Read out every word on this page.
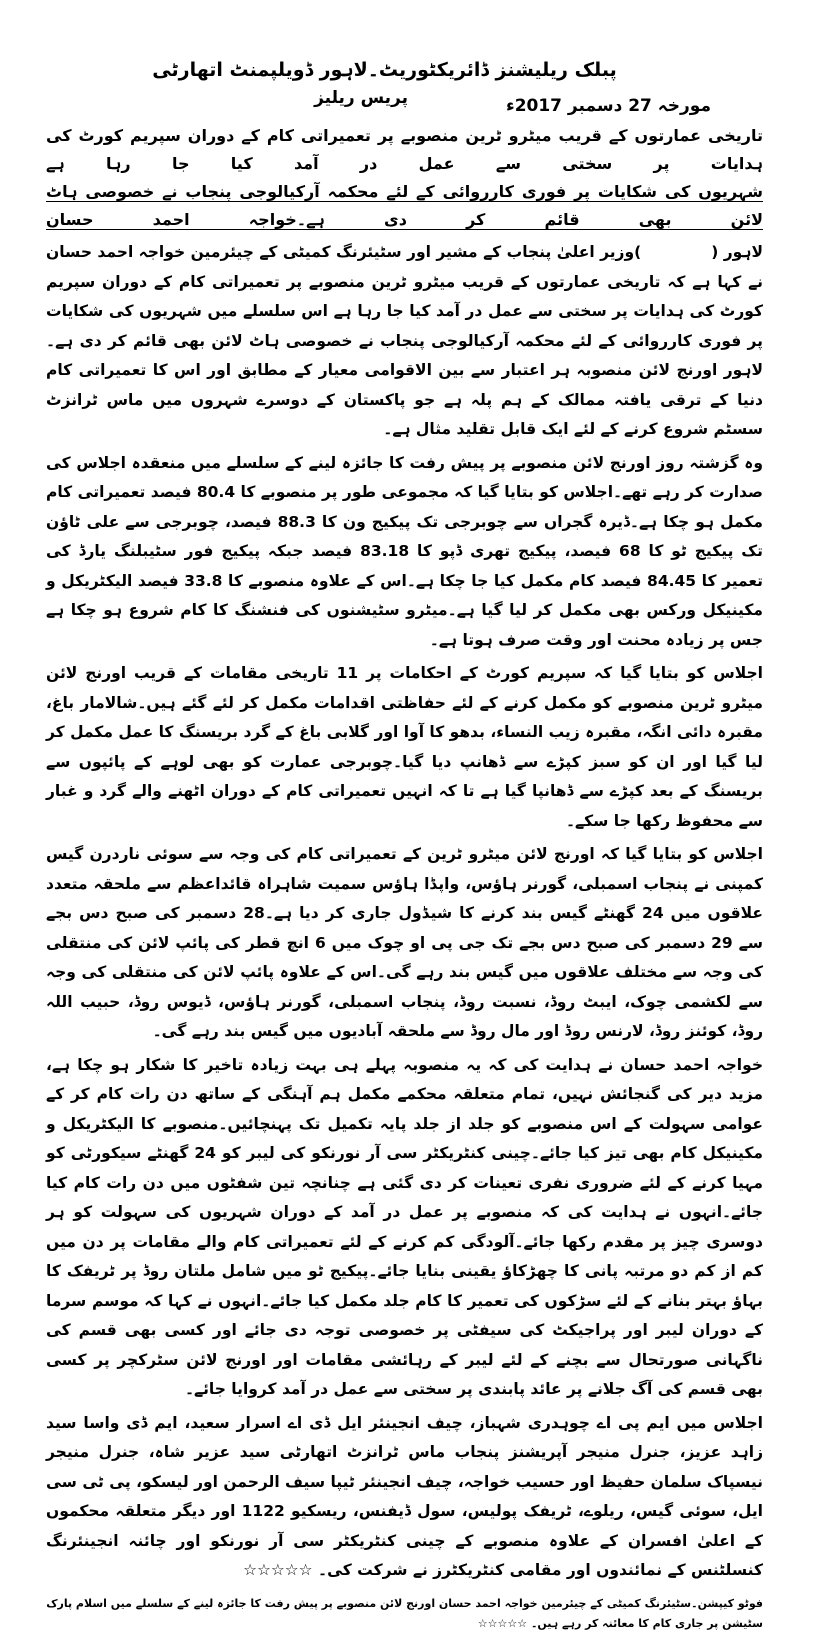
پبلک ریلیشنز ڈائریکٹوریٹ۔لاہور ڈویلپمنٹ اتھارٹی
مورخہ 27 دسمبر 2017ء
پریس ریلیز

تاریخی عمارتوں کے قریب میٹرو ٹرین منصوبے پر تعمیراتی کام کے دوران سپریم کورٹ کی ہدایات پر سختی سے عمل در آمد کیا جا رہا ہے

شہریوں کی شکایات پر فوری کارروائی کے لئے محکمہ آرکیالوجی پنجاب نے خصوصی ہاٹ لائن بھی قائم کر دی ہے۔خواجہ احمد حسان

لاہور ()وزیر اعلیٰ پنجاب کے مشیر اور سٹیئرنگ کمیٹی کے چیئرمین خواجہ احمد حسان نے کہا ہے کہ تاریخی عمارتوں کے قریب میٹرو ٹرین منصوبے پر تعمیراتی کام کے دوران سپریم کورٹ کی ہدایات پر سختی سے عمل در آمد کیا جا رہا ہے اس سلسلے میں شہریوں کی شکایات پر فوری کارروائی کے لئے محکمہ آرکیالوجی پنجاب نے خصوصی ہاٹ لائن بھی قائم کر دی ہے۔لاہور اورنج لائن منصوبہ ہر اعتبار سے بین الاقوامی معیار کے مطابق اور اس کا تعمیراتی کام دنیا کے ترقی یافتہ ممالک کے ہم پلہ ہے جو پاکستان کے دوسرے شہروں میں ماس ٹرانزٹ سسٹم شروع کرنے کے لئے ایک قابل تقلید مثال ہے۔

وہ گزشتہ روز اورنج لائن منصوبے پر پیش رفت کا جائزہ لینے کے سلسلے میں منعقدہ اجلاس کی صدارت کر رہے تھے۔اجلاس کو بتایا گیا کہ مجموعی طور پر منصوبے کا 80.4 فیصد تعمیراتی کام مکمل ہو چکا ہے۔ڈیرہ گجراں سے چوبرجی تک پیکیج ون کا 88.3 فیصد، چوبرجی سے علی ٹاؤن تک پیکیج ٹو کا 68 فیصد، پیکیج تھری ڈپو کا 83.18 فیصد جبکہ پیکیج فور سٹیبلنگ یارڈ کی تعمیر کا 84.45 فیصد کام مکمل کیا جا چکا ہے۔اس کے علاوہ منصوبے کا 33.8 فیصد الیکٹریکل و مکینیکل ورکس بھی مکمل کر لیا گیا ہے۔میٹرو سٹیشنوں کی فنشنگ کا کام شروع ہو چکا ہے جس پر زیادہ محنت اور وقت صرف ہوتا ہے۔

اجلاس کو بتایا گیا کہ سپریم کورٹ کے احکامات پر 11 تاریخی مقامات کے قریب اورنج لائن میٹرو ٹرین منصوبے کو مکمل کرنے کے لئے حفاظتی اقدامات مکمل کر لئے گئے ہیں۔شالامار باغ، مقبرہ دائی انگہ، مقبرہ زیب النساء، بدھو کا آوا اور گلابی باغ کے گرد بریسنگ کا عمل مکمل کر لیا گیا اور ان کو سبز کپڑے سے ڈھانپ دیا گیا۔چوبرجی عمارت کو بھی لوہے کے پائپوں سے بریسنگ کے بعد کپڑے سے ڈھانپا گیا ہے تا کہ انہیں تعمیراتی کام کے دوران اٹھنے والے گرد و غبار سے محفوظ رکھا جا سکے۔

اجلاس کو بتایا گیا کہ اورنج لائن میٹرو ٹرین کے تعمیراتی کام کی وجہ سے سوئی ناردرن گیس کمپنی نے پنجاب اسمبلی، گورنر ہاؤس، واپڈا ہاؤس سمیت شاہراہ قائداعظم سے ملحقہ متعدد علاقوں میں 24 گھنٹے گیس بند کرنے کا شیڈول جاری کر دیا ہے۔28 دسمبر کی صبح دس بجے سے 29 دسمبر کی صبح دس بجے تک جی پی او چوک میں 6 انچ قطر کی پائپ لائن کی منتقلی کی وجہ سے مختلف علاقوں میں گیس بند رہے گی۔اس کے علاوہ پائپ لائن کی منتقلی کی وجہ سے لکشمی چوک، ایبٹ روڈ، نسبت روڈ، پنجاب اسمبلی، گورنر ہاؤس، ڈیوس روڈ، حبیب اللہ روڈ، کوئنز روڈ، لارنس روڈ اور مال روڈ سے ملحقہ آبادیوں میں گیس بند رہے گی۔

خواجہ احمد حسان نے ہدایت کی کہ یہ منصوبہ پہلے ہی بہت زیادہ تاخیر کا شکار ہو چکا ہے، مزید دیر کی گنجائش نہیں، تمام متعلقہ محکمے مکمل ہم آہنگی کے ساتھ دن رات کام کر کے عوامی سہولت کے اس منصوبے کو جلد از جلد پایہ تکمیل تک پہنچائیں۔منصوبے کا الیکٹریکل و مکینیکل کام بھی تیز کیا جائے۔چینی کنٹریکٹر سی آر نورنکو کی لیبر کو 24 گھنٹے سیکورٹی کو مہیا کرنے کے لئے ضروری نفری تعینات کر دی گئی ہے چنانچہ تین شفٹوں میں دن رات کام کیا جائے۔انہوں نے ہدایت کی کہ منصوبے پر عمل در آمد کے دوران شہریوں کی سہولت کو ہر دوسری چیز پر مقدم رکھا جائے۔آلودگی کم کرنے کے لئے تعمیراتی کام والے مقامات پر دن میں کم از کم دو مرتبہ پانی کا چھڑکاؤ یقینی بنایا جائے۔پیکیج ٹو میں شامل ملتان روڈ پر ٹریفک کا بہاؤ بہتر بنانے کے لئے سڑکوں کی تعمیر کا کام جلد مکمل کیا جائے۔انہوں نے کہا کہ موسم سرما کے دوران لیبر اور پراجیکٹ کی سیفٹی پر خصوصی توجہ دی جائے اور کسی بھی قسم کی ناگہانی صورتحال سے بچنے کے لئے لیبر کے رہائشی مقامات اور اورنج لائن سٹرکچر پر کسی بھی قسم کی آگ جلانے پر عائد پابندی پر سختی سے عمل در آمد کروایا جائے۔

اجلاس میں ایم پی اے چوہدری شہباز، چیف انجینئر ایل ڈی اے اسرار سعید، ایم ڈی واسا سید زاہد عزیز، جنرل منیجر آپریشنز پنجاب ماس ٹرانزٹ اتھارٹی سید عزیر شاہ، جنرل منیجر نیسپاک سلمان حفیظ اور حسیب خواجہ، چیف انجینئر ٹیپا سیف الرحمن اور لیسکو، پی ٹی سی ایل، سوئی گیس، ریلوے، ٹریفک پولیس، سول ڈیفنس، ریسکیو 1122 اور دیگر متعلقہ محکموں کے اعلیٰ افسران کے علاوہ منصوبے کے چینی کنٹریکٹر سی آر نورنکو اور چائنہ انجینئرنگ کنسلٹنس کے نمائندوں اور مقامی کنٹریکٹرز نے شرکت کی۔ ☆☆☆☆☆

فوٹو کیپشن۔سٹیئرنگ کمیٹی کے چیئرمین خواجہ احمد حسان اورنج لائن منصوبے پر پیش رفت کا جائزہ لینے کے سلسلے میں اسلام پارک سٹیشن پر جاری کام کا معائنہ کر رہے ہیں۔ ☆☆☆☆☆
